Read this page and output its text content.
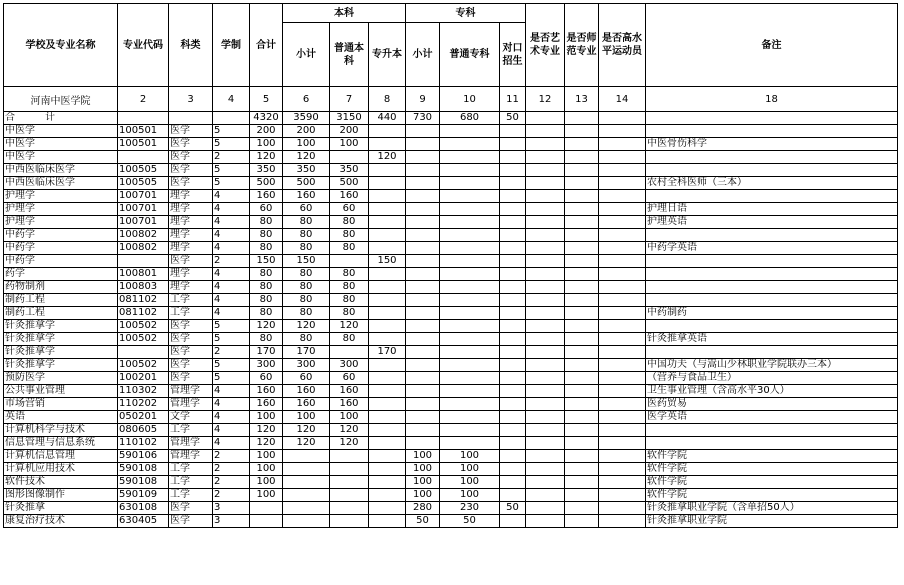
学校及专业名称	专业代码	科类	学制	合计	本科			专科			是否艺术专业	是否师范专业	是否高水平运动员	备注
					小计	普通本科	专升本	小计	普通专科	对口招生				
河南中医学院	2	3	4	5	6	7	8	9	10	11	12	13	14	18
合　　　计				4320	3590	3150	440	730	680	50				
中医学	100501	医学	5	200	200	200								
中医学	100501	医学	5	100	100	100								中医骨伤科学
中医学		医学	2	120	120		120							
中西医临床医学	100505	医学	5	350	350	350								
中西医临床医学	100505	医学	5	500	500	500								农村全科医师（三本）
护理学	100701	理学	4	160	160	160								
护理学	100701	理学	4	60	60	60								护理日语
护理学	100701	理学	4	80	80	80								护理英语
中药学	100802	理学	4	80	80	80								
中药学	100802	理学	4	80	80	80								中药学英语
中药学		医学	2	150	150		150							
药学	100801	理学	4	80	80	80								
药物制剂	100803	理学	4	80	80	80								
制药工程	081102	工学	4	80	80	80								
制药工程	081102	工学	4	80	80	80								中药制药
针灸推拿学	100502	医学	5	120	120	120								
针灸推拿学	100502	医学	5	80	80	80								针灸推拿英语
针灸推拿学		医学	2	170	170		170							
针灸推拿学	100502	医学	5	300	300	300								中国功夫（与嵩山少林职业学院联办三本）
预防医学	100201	医学	5	60	60	60								（营养与食品卫生）
公共事业管理	110302	管理学	4	160	160	160								卫生事业管理（含高水平30人）
市场营销	110202	管理学	4	160	160	160								医药贸易
英语	050201	文学	4	100	100	100								医学英语
计算机科学与技术	080605	工学	4	120	120	120								
信息管理与信息系统	110102	管理学	4	120	120	120								
计算机信息管理	590106	管理学	2	100				100	100					软件学院
计算机应用技术	590108	工学	2	100				100	100					软件学院
软件技术	590108	工学	2	100				100	100					软件学院
图形图像制作	590109	工学	2	100				100	100					软件学院
针灸推拿	630108	医学	3					280	230	50				针灸推拿职业学院（含单招50人）
康复治疗技术	630405	医学	3					50	50					针灸推拿职业学院
